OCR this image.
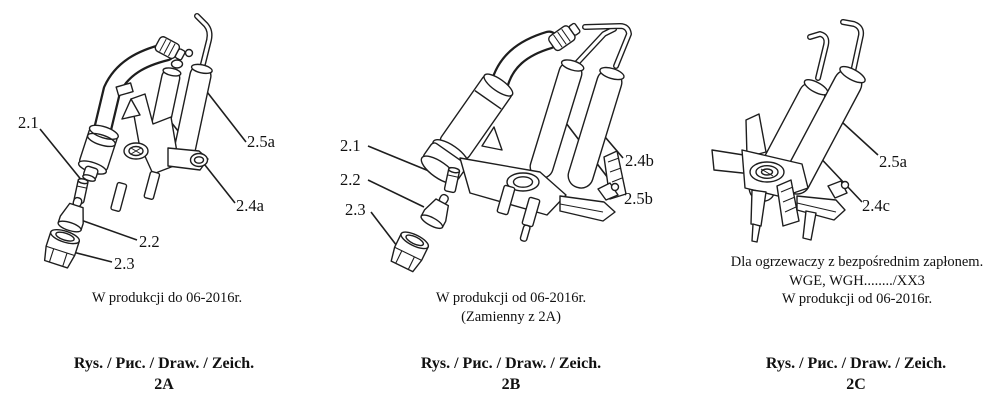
2.1
2.5a
2.4a
2.2
2.3
2.1
2.2
2.3
2.4b
2.5b
2.5a
2.4c
W produkcji do 06-2016r.	W produkcji od 06-2016r.
(Zamienny z 2A)
Dla ogrzewaczy z bezpośrednim zapłonem.
WGE, WGH......../XX3
W produkcji od 06-2016r.
Rys. / Рис. / Draw. / Zeich.
2A
Rys. / Рис. / Draw. / Zeich.
2B
Rys. / Рис. / Draw. / Zeich.
2C
